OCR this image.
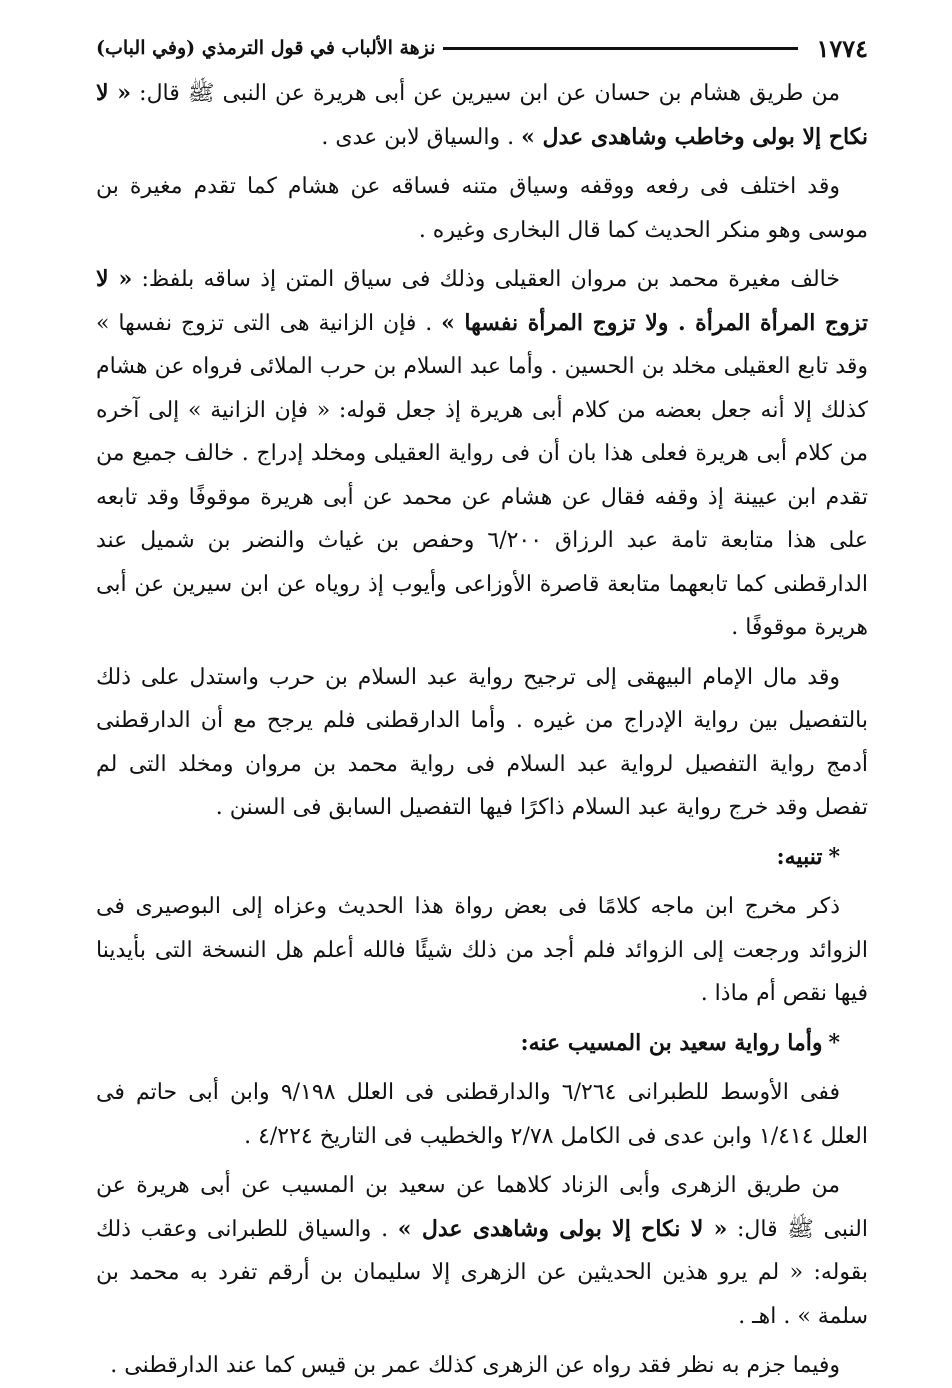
١٧٧٤
نزهة الألباب في قول الترمذي (وفي الباب)

من طريق هشام بن حسان عن ابن سيرين عن أبى هريرة عن النبى ﷺ قال: « لا نكاح إلا بولى وخاطب وشاهدى عدل » . والسياق لابن عدى .

وقد اختلف فى رفعه ووقفه وسياق متنه فساقه عن هشام كما تقدم مغيرة بن موسى وهو منكر الحديث كما قال البخارى وغيره .

خالف مغيرة محمد بن مروان العقيلى وذلك فى سياق المتن إذ ساقه بلفظ: « لا تزوج المرأة المرأة . ولا تزوج المرأة نفسها » . فإن الزانية هى التى تزوج نفسها » وقد تابع العقيلى مخلد بن الحسين . وأما عبد السلام بن حرب الملائى فرواه عن هشام كذلك إلا أنه جعل بعضه من كلام أبى هريرة إذ جعل قوله: « فإن الزانية » إلى آخره من كلام أبى هريرة فعلى هذا بان أن فى رواية العقيلى ومخلد إدراج . خالف جميع من تقدم ابن عيينة إذ وقفه فقال عن هشام عن محمد عن أبى هريرة موقوفًا وقد تابعه على هذا متابعة تامة عبد الرزاق ٦/٢٠٠ وحفص بن غياث والنضر بن شميل عند الدارقطنى كما تابعهما متابعة قاصرة الأوزاعى وأيوب إذ روياه عن ابن سيرين عن أبى هريرة موقوفًا .

وقد مال الإمام البيهقى إلى ترجيح رواية عبد السلام بن حرب واستدل على ذلك بالتفصيل بين رواية الإدراج من غيره . وأما الدارقطنى فلم يرجح مع أن الدارقطنى أدمج رواية التفصيل لرواية عبد السلام فى رواية محمد بن مروان ومخلد التى لم تفصل وقد خرج رواية عبد السلام ذاكرًا فيها التفصيل السابق فى السنن .

*تنبيه:

ذكر مخرج ابن ماجه كلامًا فى بعض رواة هذا الحديث وعزاه إلى البوصيرى فى الزوائد ورجعت إلى الزوائد فلم أجد من ذلك شيئًا فالله أعلم هل النسخة التى بأيدينا فيها نقص أم ماذا .

*وأما رواية سعيد بن المسيب عنه:

ففى الأوسط للطبرانى ٦/٢٦٤ والدارقطنى فى العلل ٩/١٩٨ وابن أبى حاتم فى العلل ١/٤١٤ وابن عدى فى الكامل ٢/٧٨ والخطيب فى التاريخ ٤/٢٢٤ .

من طريق الزهرى وأبى الزناد كلاهما عن سعيد بن المسيب عن أبى هريرة عن النبى ﷺ قال: « لا نكاح إلا بولى وشاهدى عدل » . والسياق للطبرانى وعقب ذلك بقوله: « لم يرو هذين الحديثين عن الزهرى إلا سليمان بن أرقم تفرد به محمد بن سلمة » . اهـ .

وفيما جزم به نظر فقد رواه عن الزهرى كذلك عمر بن قيس كما عند الدارقطنى .
